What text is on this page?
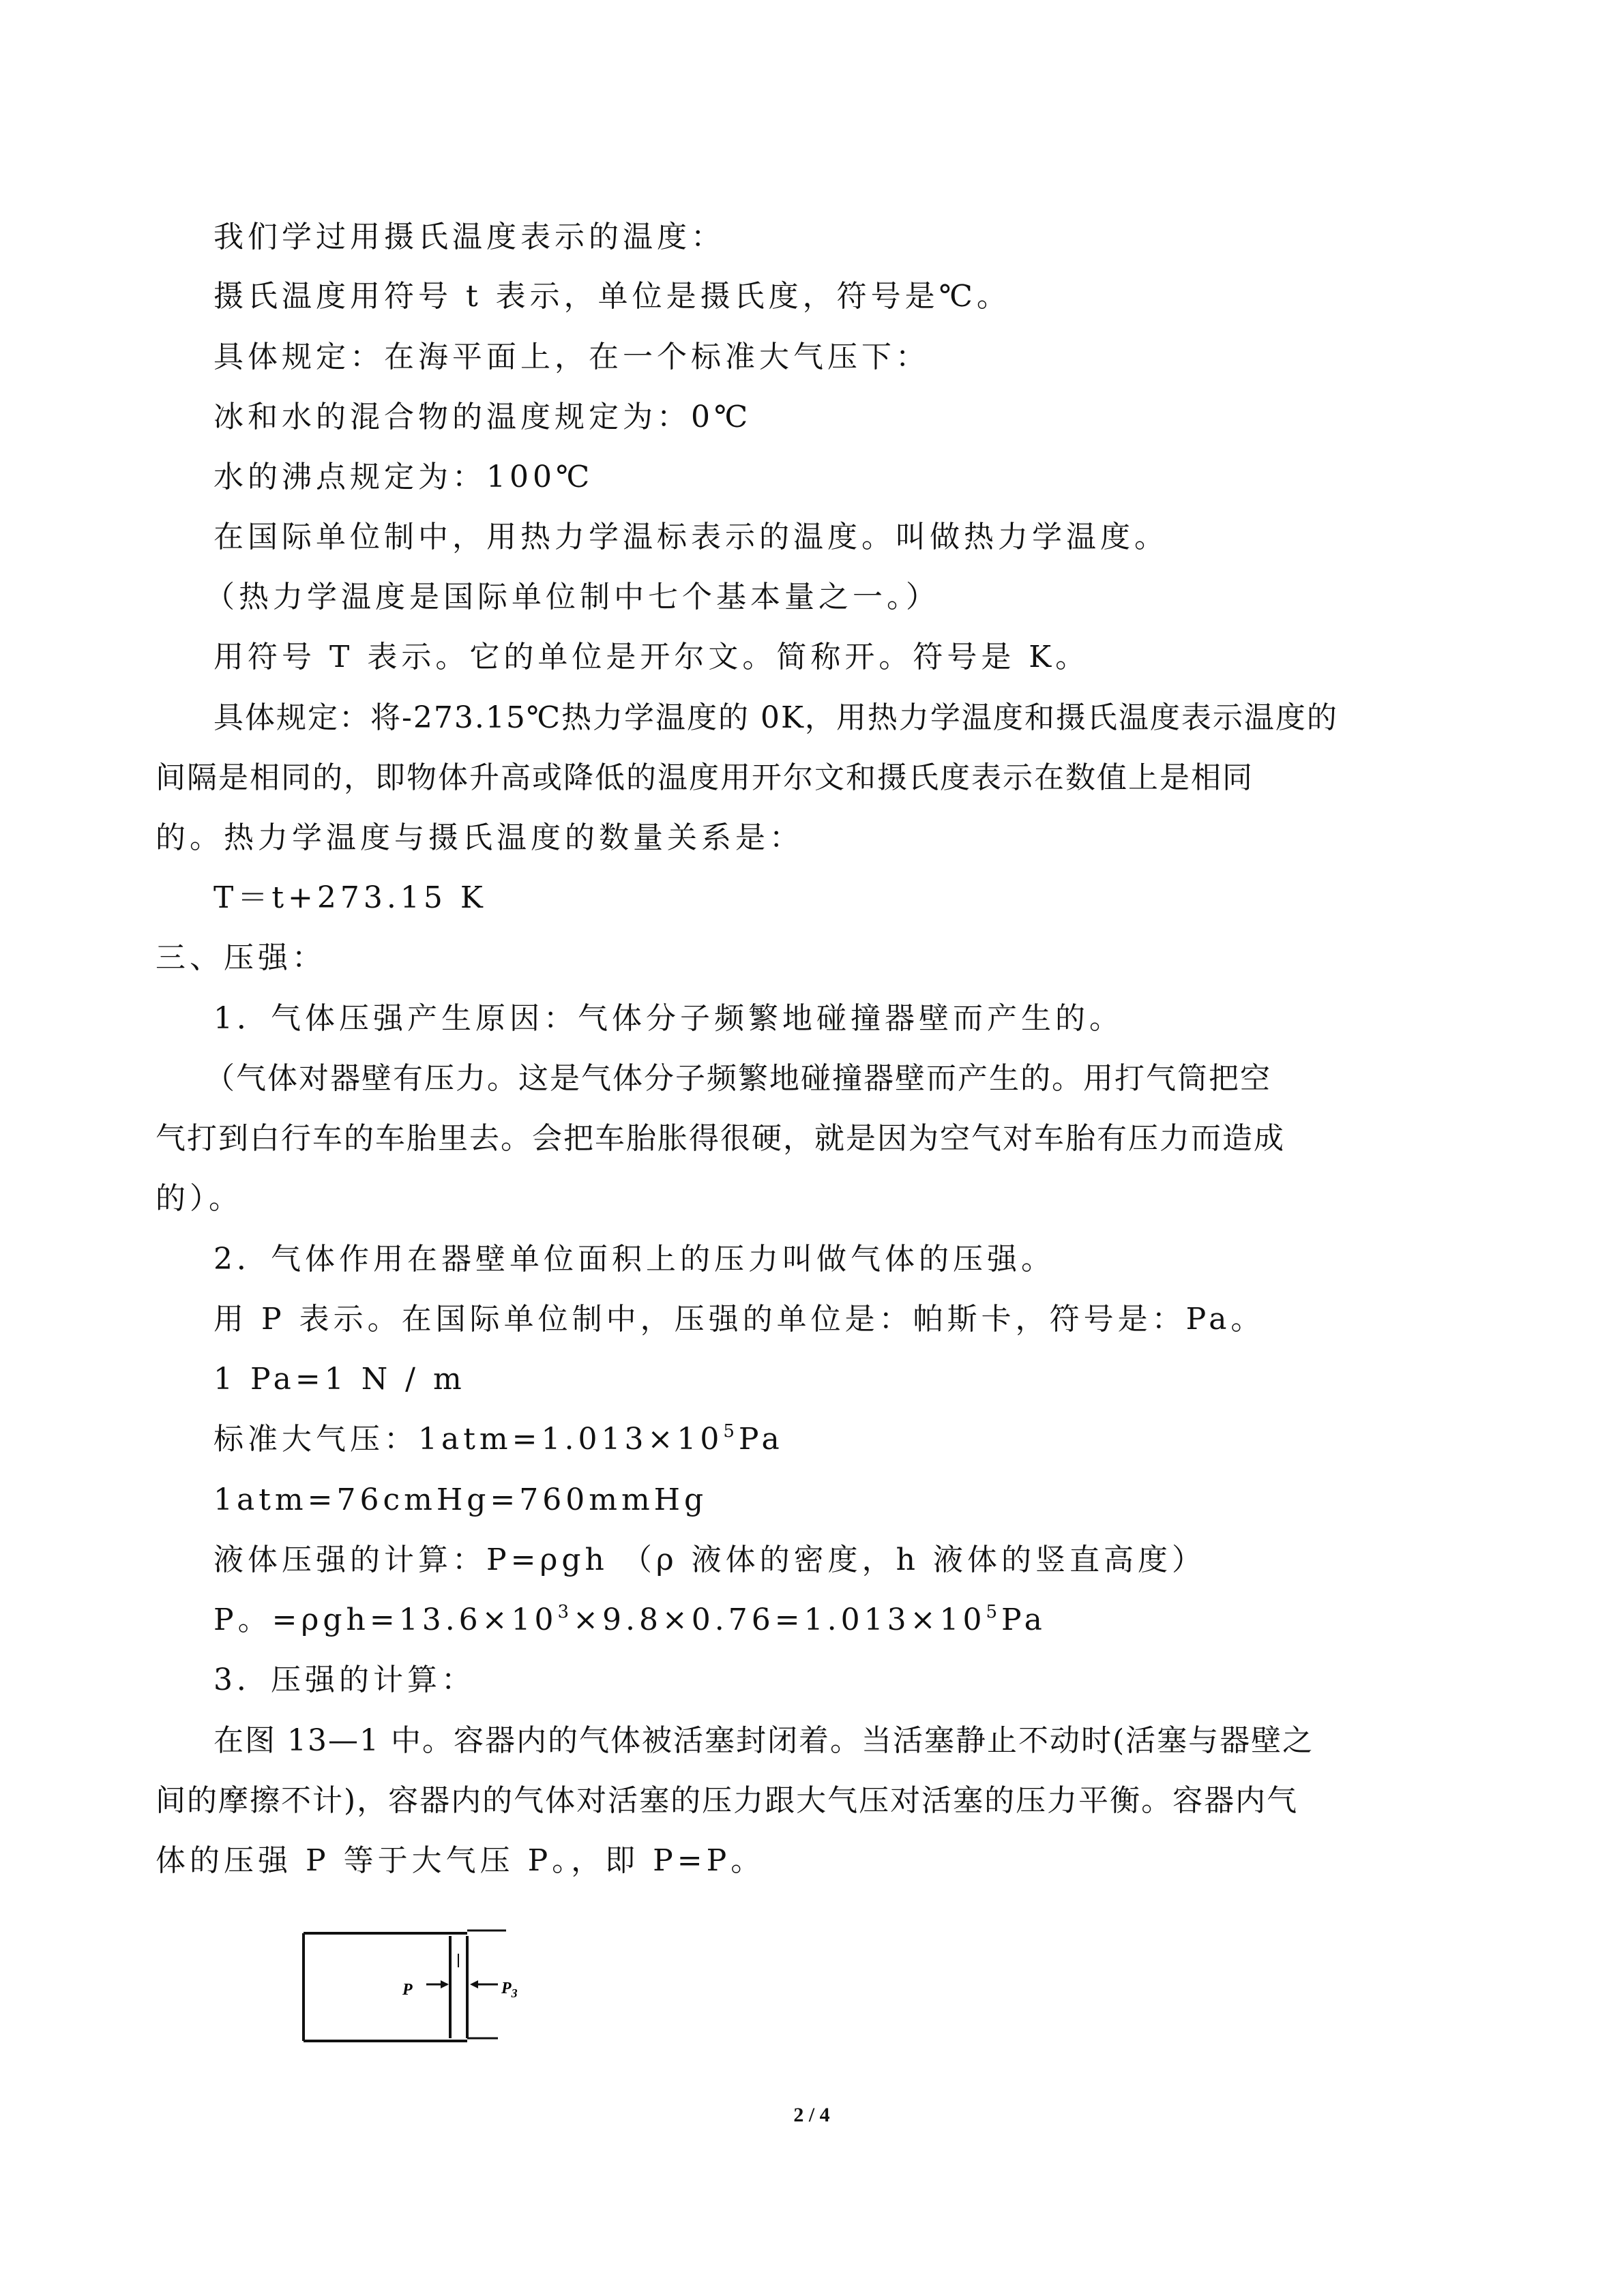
我们学过用摄氏温度表示的温度：
摄氏温度用符号 t 表示，单位是摄氏度，符号是℃。
具体规定：在海平面上，在一个标准大气压下：
冰和水的混合物的温度规定为：0℃
水的沸点规定为：100℃
在国际单位制中，用热力学温标表示的温度。叫做热力学温度。
（热力学温度是国际单位制中七个基本量之一。）
用符号 T 表示。它的单位是开尔文。简称开。符号是 K。
具体规定：将-273.15℃热力学温度的 0K，用热力学温度和摄氏温度表示温度的
间隔是相同的，即物体升高或降低的温度用开尔文和摄氏度表示在数值上是相同
的。热力学温度与摄氏温度的数量关系是：
T＝t+273.15 K
三、压强：
1．气体压强产生原因：气体分子频繁地碰撞器壁而产生的。
（气体对器壁有压力。这是气体分子频繁地碰撞器壁而产生的。用打气筒把空
气打到白行车的车胎里去。会把车胎胀得很硬，就是因为空气对车胎有压力而造成
的）。
2．气体作用在器壁单位面积上的压力叫做气体的压强。
用 P 表示。在国际单位制中，压强的单位是：帕斯卡，符号是：Pa。
1 Pa=1 N / m
标准大气压：$1atm=1.013\times 10^5Pa$
1atm=76cmHg=760mmHg
液体压强的计算：P=ρgh （ρ 液体的密度，h 液体的竖直高度）
P。$=\rho gh=13.6\times 10^3\times 9.8\times 0.76=1.013\times 10^5Pa$
3．压强的计算：
在图 13—1 中。容器内的气体被活塞封闭着。当活塞静止不动时(活塞与器壁之
间的摩擦不计)，容器内的气体对活塞的压力跟大气压对活塞的压力平衡。容器内气
体的压强 P 等于大气压 P。，即 P=P。
P	$P_3$
2 / 4
